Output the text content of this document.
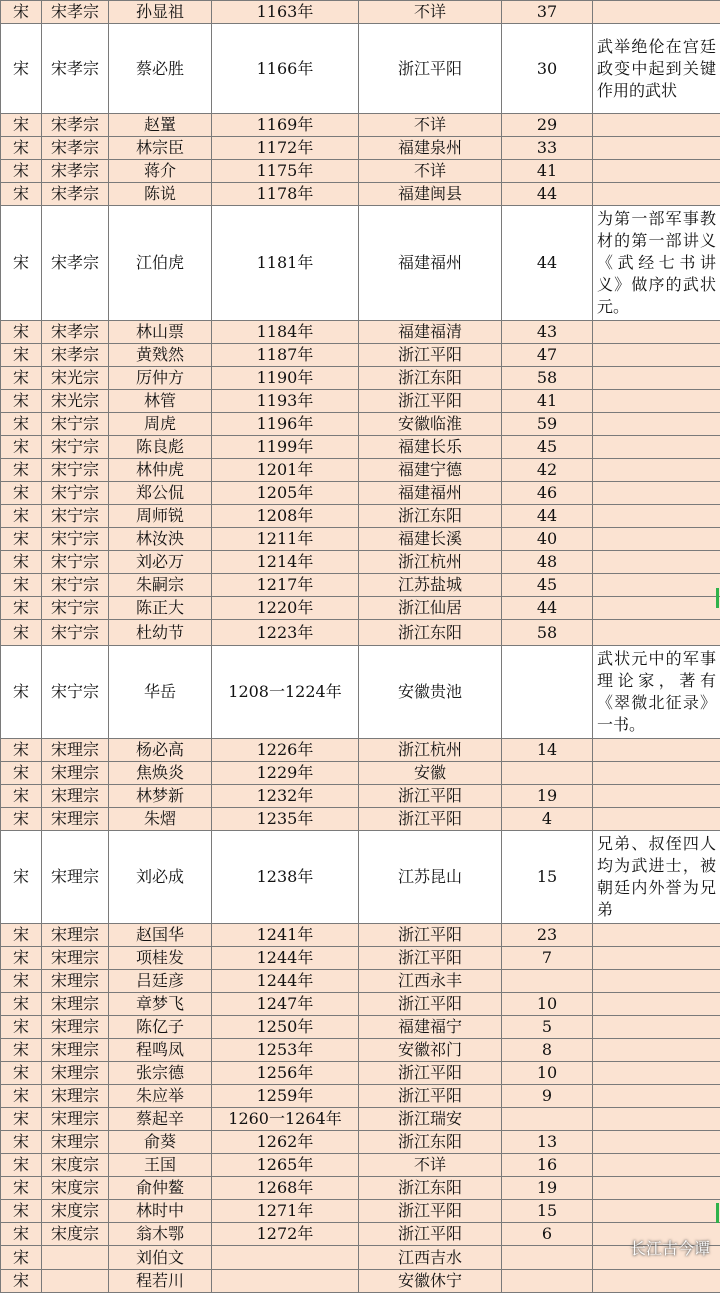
宋	宋孝宗	孙显祖	1163年	不详	37	
宋	宋孝宗	蔡必胜	1166年	浙江平阳	30	武举绝伦在宫廷政变中起到关键作用的武状
宋	宋孝宗	赵罿	1169年	不详	29	
宋	宋孝宗	林宗臣	1172年	福建泉州	33	
宋	宋孝宗	蒋介	1175年	不详	41	
宋	宋孝宗	陈说	1178年	福建闽县	44	
宋	宋孝宗	江伯虎	1181年	福建福州	44	为第一部军事教材的第一部讲义《武经七书讲义》做序的武状元。
宋	宋孝宗	林山票	1184年	福建福清	43	
宋	宋孝宗	黄戣然	1187年	浙江平阳	47	
宋	宋光宗	厉仲方	1190年	浙江东阳	58	
宋	宋光宗	林管	1193年	浙江平阳	41	
宋	宋宁宗	周虎	1196年	安徽临淮	59	
宋	宋宁宗	陈良彪	1199年	福建长乐	45	
宋	宋宁宗	林仲虎	1201年	福建宁德	42	
宋	宋宁宗	郑公侃	1205年	福建福州	46	
宋	宋宁宗	周师锐	1208年	浙江东阳	44	
宋	宋宁宗	林汝泱	1211年	福建长溪	40	
宋	宋宁宗	刘必万	1214年	浙江杭州	48	
宋	宋宁宗	朱嗣宗	1217年	江苏盐城	45	
宋	宋宁宗	陈正大	1220年	浙江仙居	44	
宋	宋宁宗	杜幼节	1223年	浙江东阳	58	
宋	宋宁宗	华岳	1208一1224年	安徽贵池		武状元中的军事理论家，著有《翠微北征录》一书。
宋	宋理宗	杨必高	1226年	浙江杭州	14	
宋	宋理宗	焦焕炎	1229年	安徽		
宋	宋理宗	林梦新	1232年	浙江平阳	19	
宋	宋理宗	朱熠	1235年	浙江平阳	4	
宋	宋理宗	刘必成	1238年	江苏昆山	15	兄弟、叔侄四人均为武进士，被朝廷内外誉为兄弟
宋	宋理宗	赵国华	1241年	浙江平阳	23	
宋	宋理宗	项桂发	1244年	浙江平阳	7	
宋	宋理宗	吕廷彦	1244年	江西永丰		
宋	宋理宗	章梦飞	1247年	浙江平阳	10	
宋	宋理宗	陈亿子	1250年	福建福宁	5	
宋	宋理宗	程鸣凤	1253年	安徽祁门	8	
宋	宋理宗	张宗德	1256年	浙江平阳	10	
宋	宋理宗	朱应举	1259年	浙江平阳	9	
宋	宋理宗	蔡起辛	1260一1264年	浙江瑞安		
宋	宋理宗	俞葵	1262年	浙江东阳	13	
宋	宋度宗	王国	1265年	不详	16	
宋	宋度宗	俞仲鳌	1268年	浙江东阳	19	
宋	宋度宗	林时中	1271年	浙江平阳	15	
宋	宋度宗	翁木鄂	1272年	浙江平阳	6	
宋		刘伯文		江西吉水		
宋		程若川		安徽休宁		
长江古今谭
